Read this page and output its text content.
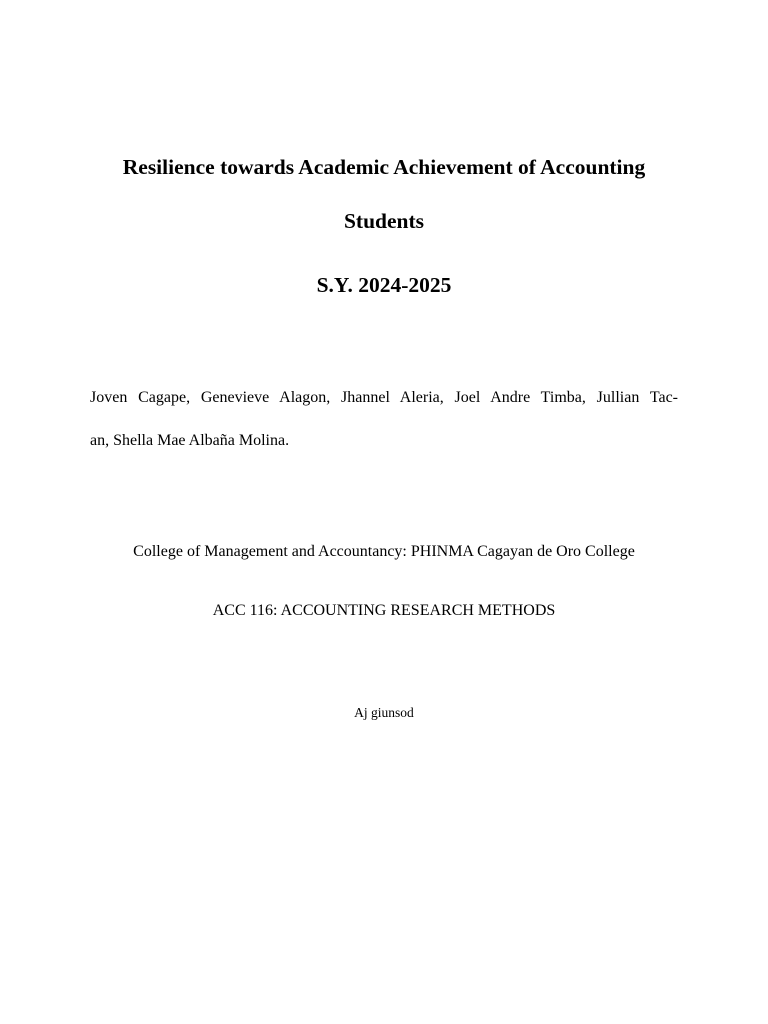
Resilience towards Academic Achievement of Accounting
Students
S.Y. 2024-2025
Joven Cagape, Genevieve Alagon, Jhannel Aleria, Joel Andre Timba, Jullian Tac-
an, Shella Mae Albaña Molina.
College of Management and Accountancy: PHINMA Cagayan de Oro College
ACC 116: ACCOUNTING RESEARCH METHODS
Aj giunsod
